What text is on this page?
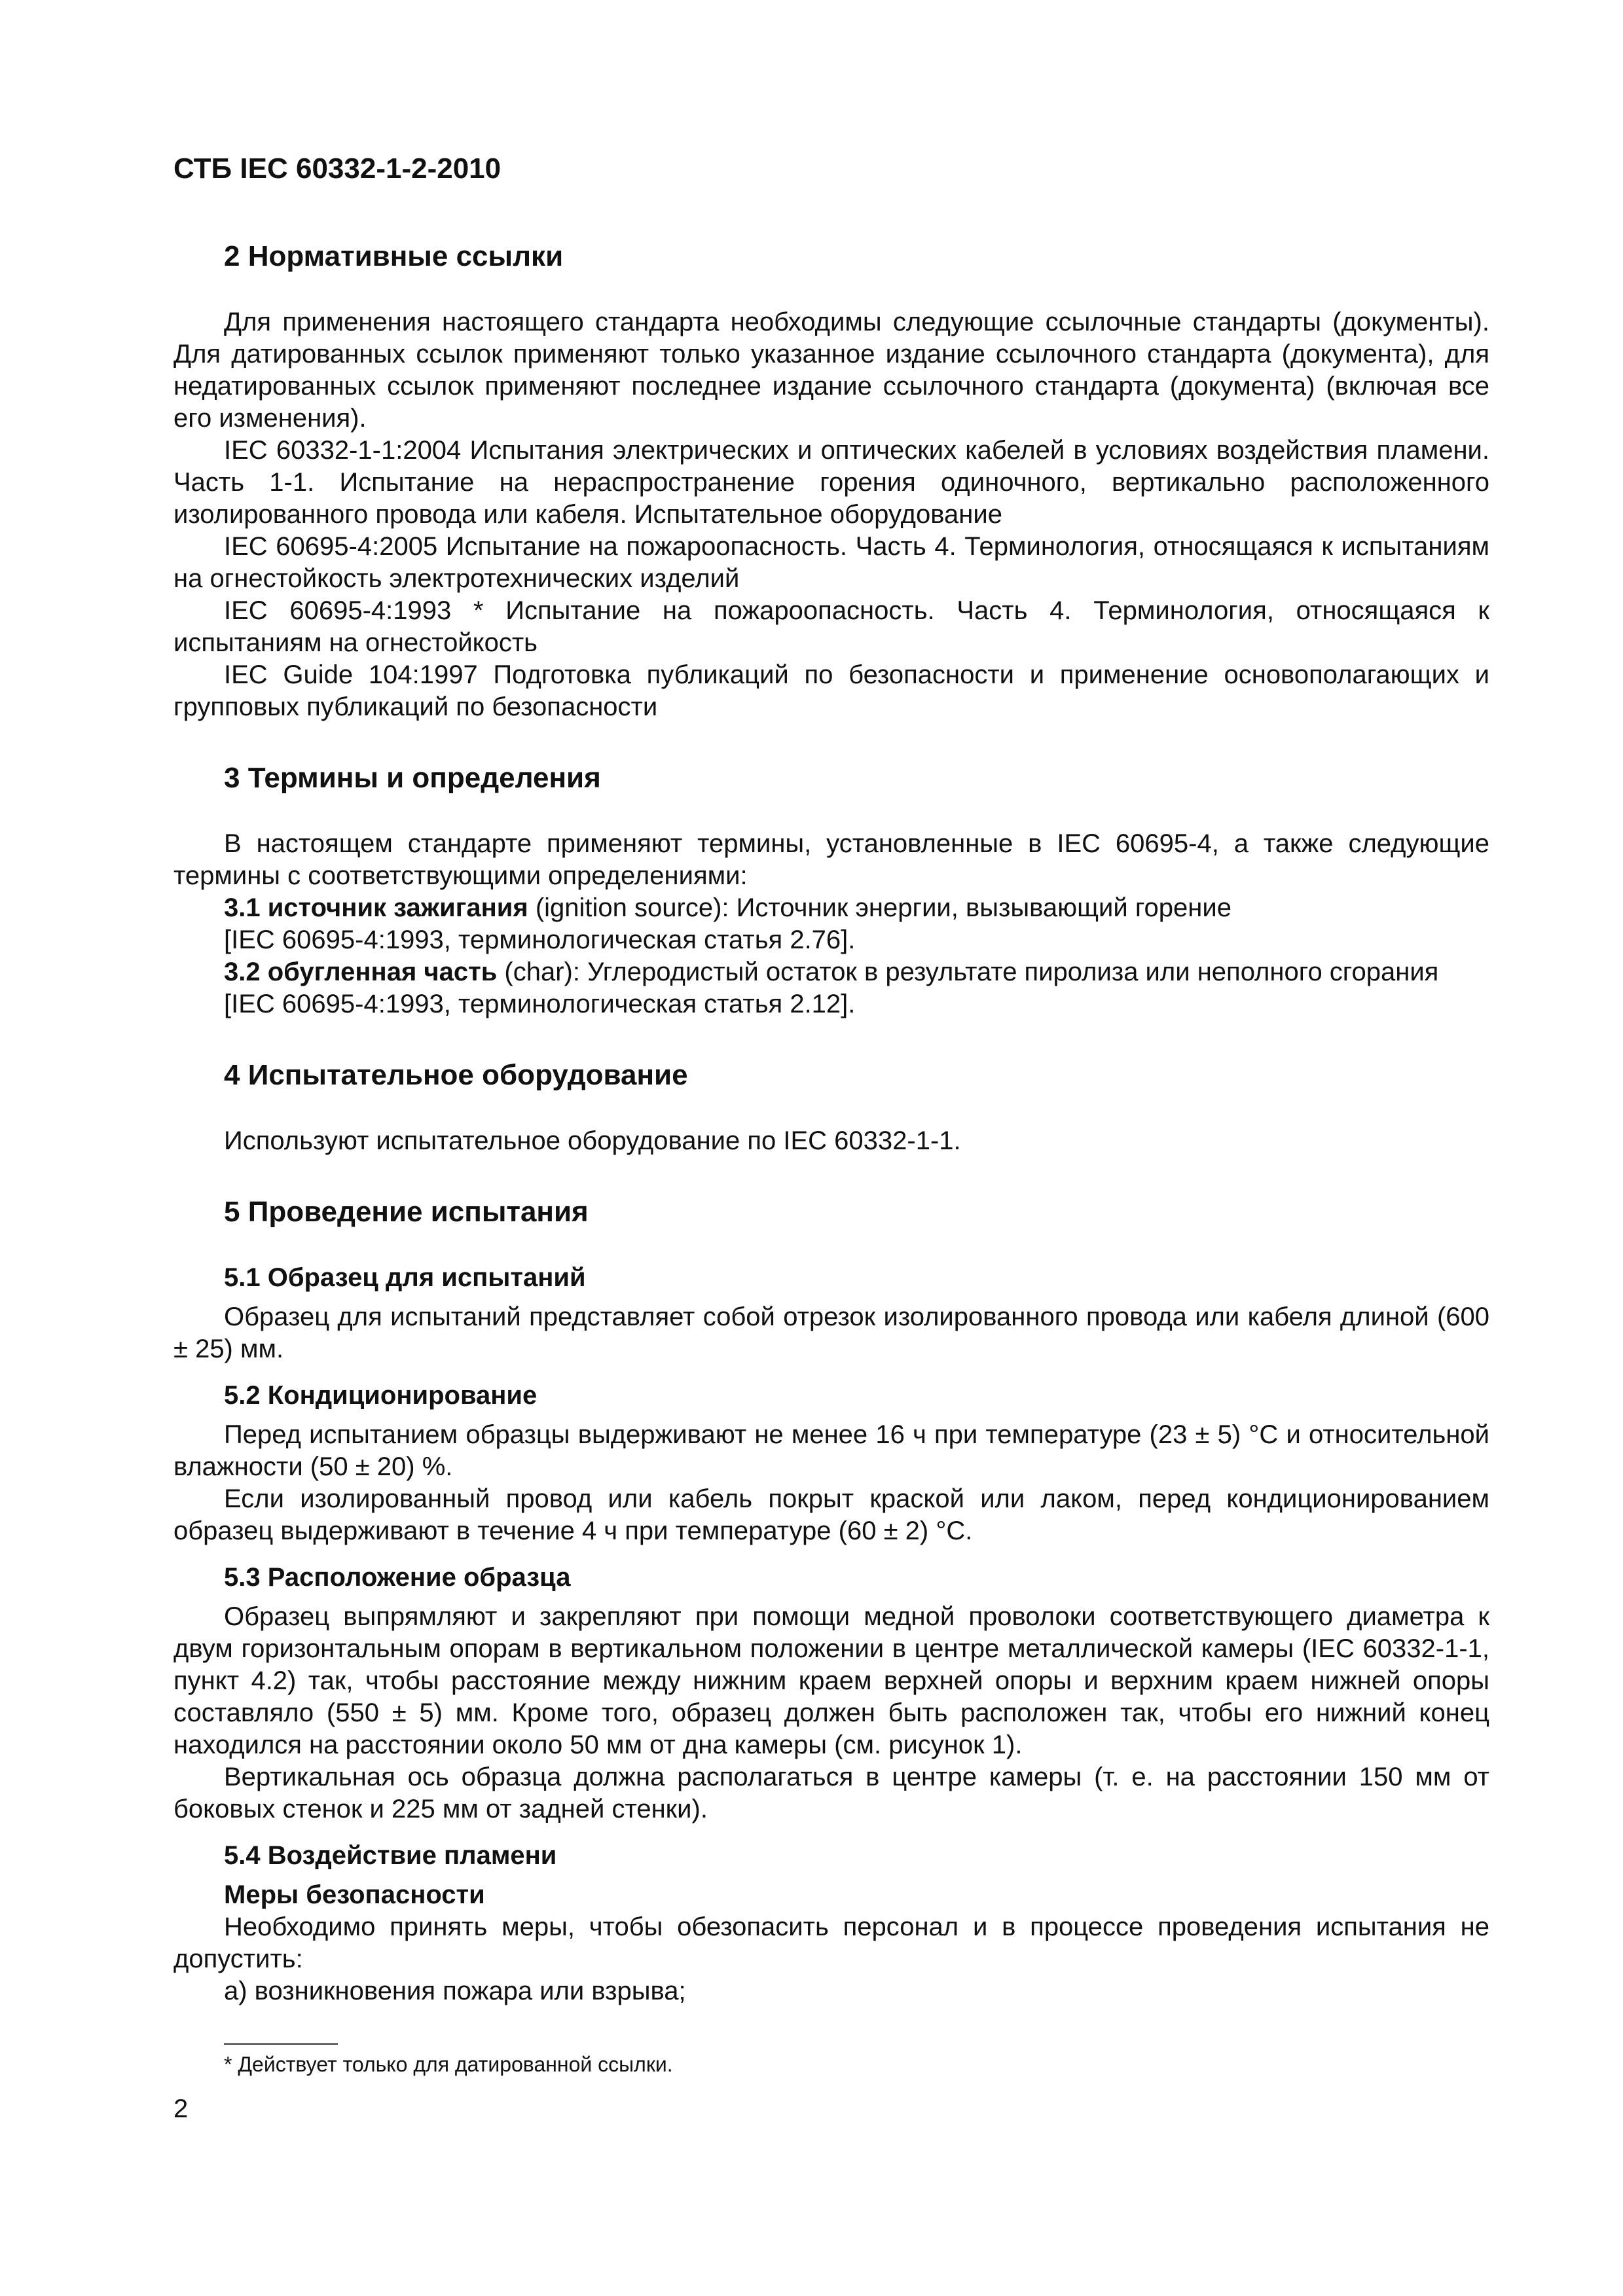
СТБ IEC 60332-1-2-2010
2 Нормативные ссылки

Для применения настоящего стандарта необходимы следующие ссылочные стандарты (документы). Для датированных ссылок применяют только указанное издание ссылочного стандарта (документа), для недатированных ссылок применяют последнее издание ссылочного стандарта (документа) (включая все его изменения).

IEC 60332-1-1:2004 Испытания электрических и оптических кабелей в условиях воздействия пламени. Часть 1-1. Испытание на нераспространение горения одиночного, вертикально расположенного изолированного провода или кабеля. Испытательное оборудование

IEC 60695-4:2005 Испытание на пожароопасность. Часть 4. Терминология, относящаяся к испытаниям на огнестойкость электротехнических изделий

IEC 60695-4:1993 * Испытание на пожароопасность. Часть 4. Терминология, относящаяся к испытаниям на огнестойкость

IEC Guide 104:1997 Подготовка публикаций по безопасности и применение основополагающих и групповых публикаций по безопасности

3 Термины и определения

В настоящем стандарте применяют термины, установленные в IEC 60695-4, а также следующие термины с соответствующими определениями:

3.1 источник зажигания (ignition source): Источник энергии, вызывающий горение

[IEC 60695-4:1993, терминологическая статья 2.76].

3.2 обугленная часть (char): Углеродистый остаток в результате пиролиза или неполного сгорания

[IEC 60695-4:1993, терминологическая статья 2.12].

4 Испытательное оборудование

Используют испытательное оборудование по IEC 60332-1-1.

5 Проведение испытания
5.1 Образец для испытаний

Образец для испытаний представляет собой отрезок изолированного провода или кабеля длиной (600 ± 25) мм.

5.2 Кондиционирование

Перед испытанием образцы выдерживают не менее 16 ч при температуре (23 ± 5) °С и относительной влажности (50 ± 20) %.

Если изолированный провод или кабель покрыт краской или лаком, перед кондиционированием образец выдерживают в течение 4 ч при температуре (60 ± 2) °С.

5.3 Расположение образца

Образец выпрямляют и закрепляют при помощи медной проволоки соответствующего диаметра к двум горизонтальным опорам в вертикальном положении в центре металлической камеры (IEC 60332-1-1, пункт 4.2) так, чтобы расстояние между нижним краем верхней опоры и верхним краем нижней опоры составляло (550 ± 5) мм. Кроме того, образец должен быть расположен так, чтобы его нижний конец находился на расстоянии около 50 мм от дна камеры (см. рисунок 1).

Вертикальная ось образца должна располагаться в центре камеры (т. е. на расстоянии 150 мм от боковых стенок и 225 мм от задней стенки).

5.4 Воздействие пламени
Меры безопасности

Необходимо принять меры, чтобы обезопасить персонал и в процессе проведения испытания не допустить:

а) возникновения пожара или взрыва;

* Действует только для датированной ссылки.
2
